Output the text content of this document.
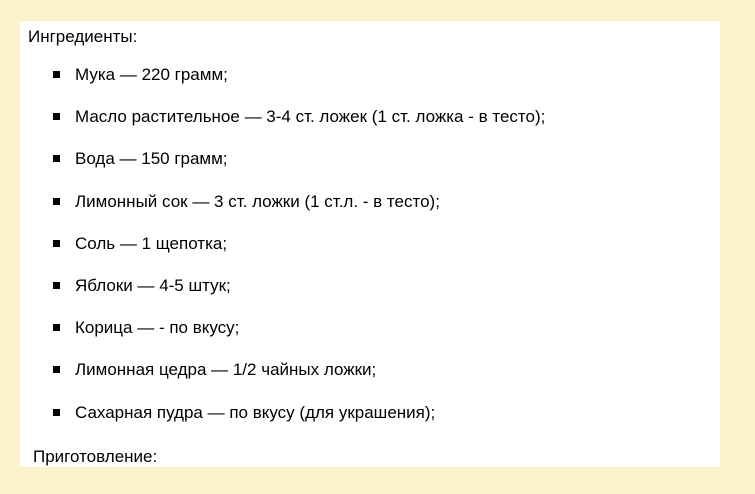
Ингредиенты:
Мука — 220 грамм;
Масло растительное — 3-4 ст. ложек (1 ст. ложка - в тесто);
Вода — 150 грамм;
Лимонный сок — 3 ст. ложки (1 ст.л. - в тесто);
Соль — 1 щепотка;
Яблоки — 4-5 штук;
Корица — - по вкусу;
Лимонная цедра — 1/2 чайных ложки;
Сахарная пудра — по вкусу (для украшения);
Приготовление:
